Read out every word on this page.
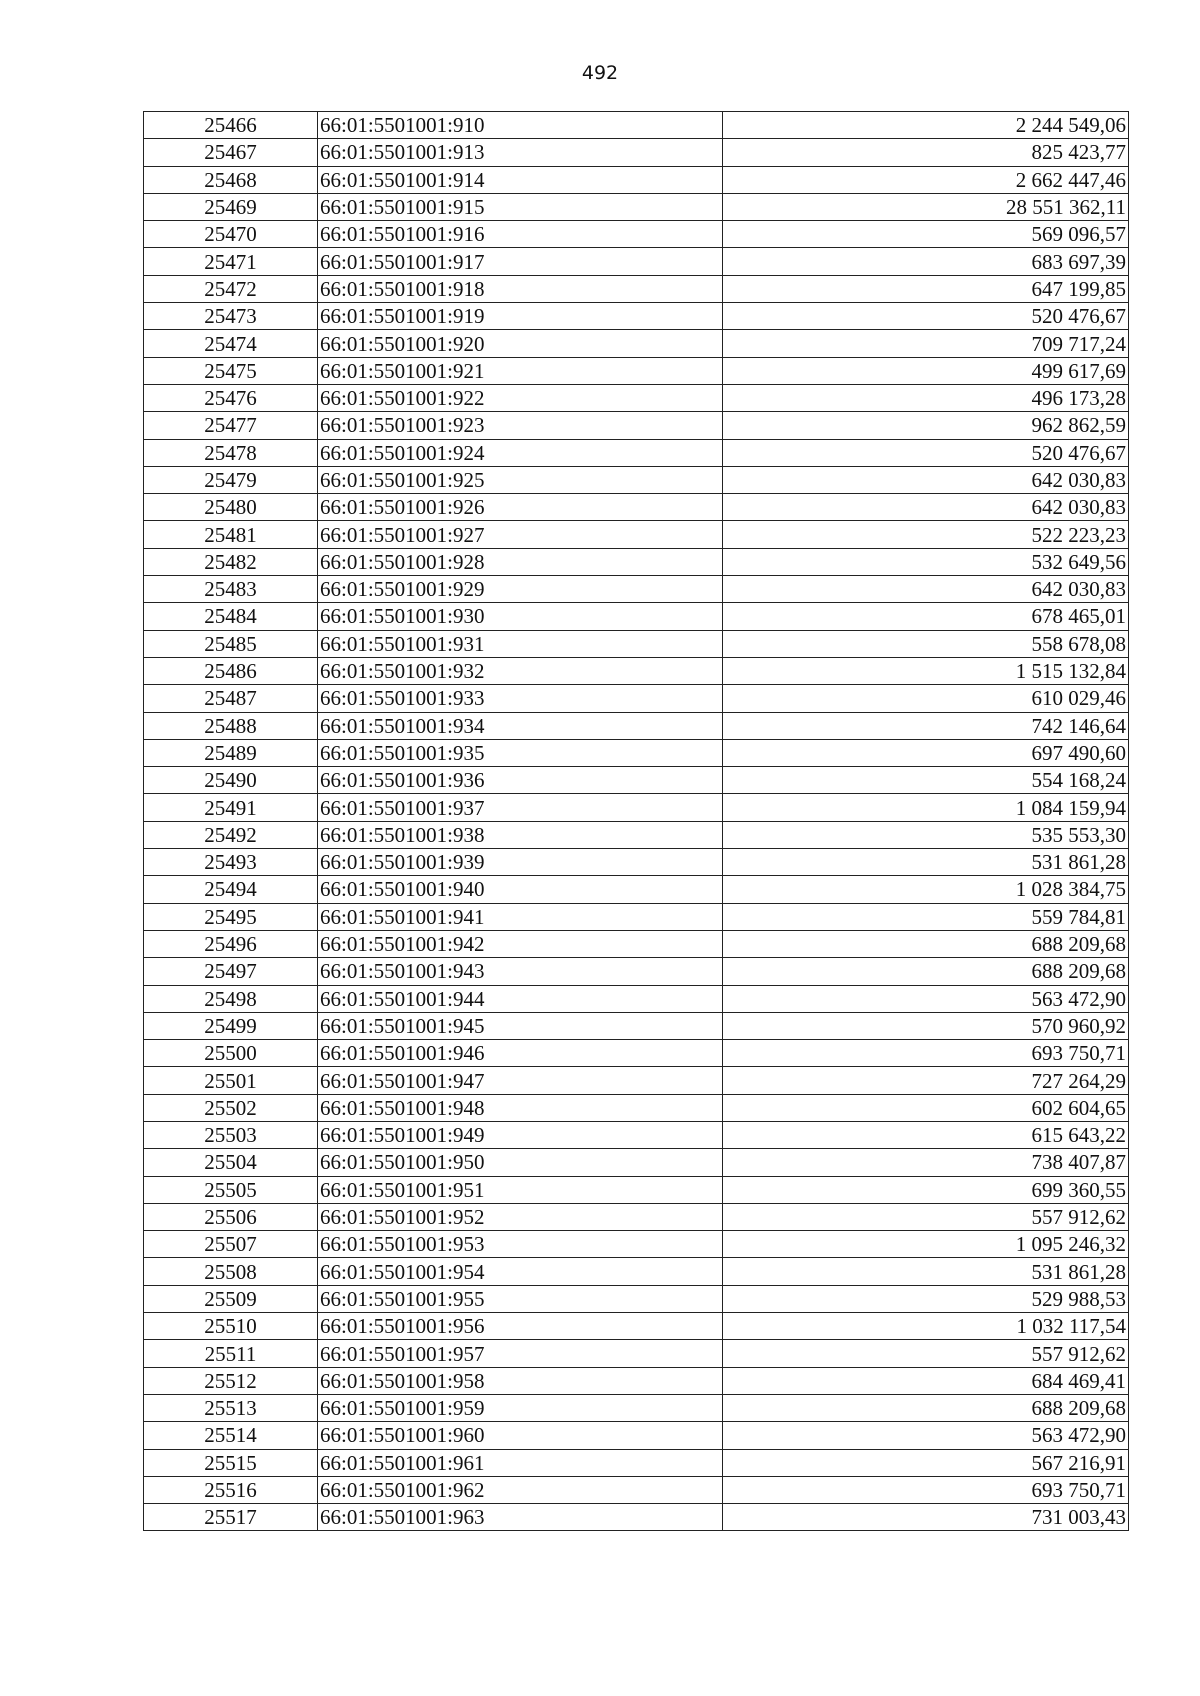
492
25466	66:01:5501001:910	2 244 549,06
25467	66:01:5501001:913	825 423,77
25468	66:01:5501001:914	2 662 447,46
25469	66:01:5501001:915	28 551 362,11
25470	66:01:5501001:916	569 096,57
25471	66:01:5501001:917	683 697,39
25472	66:01:5501001:918	647 199,85
25473	66:01:5501001:919	520 476,67
25474	66:01:5501001:920	709 717,24
25475	66:01:5501001:921	499 617,69
25476	66:01:5501001:922	496 173,28
25477	66:01:5501001:923	962 862,59
25478	66:01:5501001:924	520 476,67
25479	66:01:5501001:925	642 030,83
25480	66:01:5501001:926	642 030,83
25481	66:01:5501001:927	522 223,23
25482	66:01:5501001:928	532 649,56
25483	66:01:5501001:929	642 030,83
25484	66:01:5501001:930	678 465,01
25485	66:01:5501001:931	558 678,08
25486	66:01:5501001:932	1 515 132,84
25487	66:01:5501001:933	610 029,46
25488	66:01:5501001:934	742 146,64
25489	66:01:5501001:935	697 490,60
25490	66:01:5501001:936	554 168,24
25491	66:01:5501001:937	1 084 159,94
25492	66:01:5501001:938	535 553,30
25493	66:01:5501001:939	531 861,28
25494	66:01:5501001:940	1 028 384,75
25495	66:01:5501001:941	559 784,81
25496	66:01:5501001:942	688 209,68
25497	66:01:5501001:943	688 209,68
25498	66:01:5501001:944	563 472,90
25499	66:01:5501001:945	570 960,92
25500	66:01:5501001:946	693 750,71
25501	66:01:5501001:947	727 264,29
25502	66:01:5501001:948	602 604,65
25503	66:01:5501001:949	615 643,22
25504	66:01:5501001:950	738 407,87
25505	66:01:5501001:951	699 360,55
25506	66:01:5501001:952	557 912,62
25507	66:01:5501001:953	1 095 246,32
25508	66:01:5501001:954	531 861,28
25509	66:01:5501001:955	529 988,53
25510	66:01:5501001:956	1 032 117,54
25511	66:01:5501001:957	557 912,62
25512	66:01:5501001:958	684 469,41
25513	66:01:5501001:959	688 209,68
25514	66:01:5501001:960	563 472,90
25515	66:01:5501001:961	567 216,91
25516	66:01:5501001:962	693 750,71
25517	66:01:5501001:963	731 003,43
